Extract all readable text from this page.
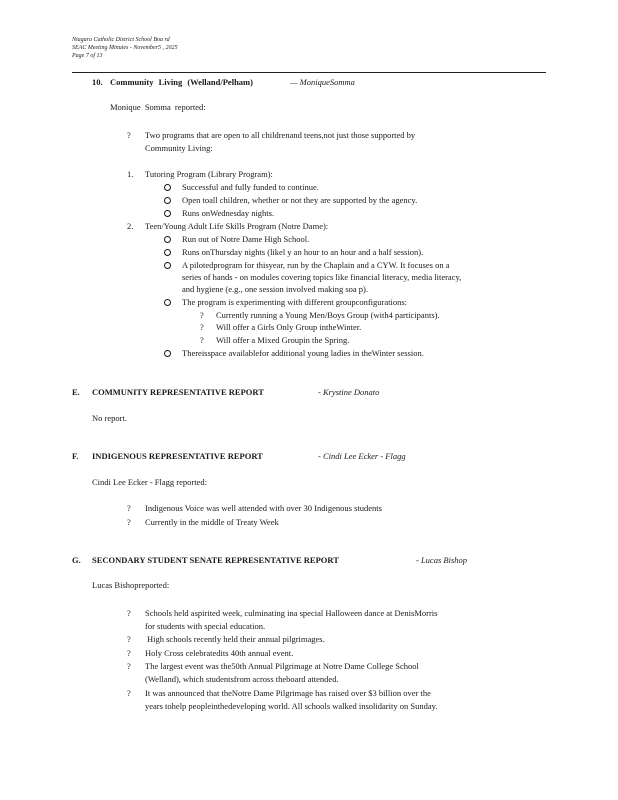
Niagara Catholic District School Boa rd
SEAC Meeting Minutes - November5 , 2025
Page 7 of 13
10. Community Living (Welland/Pelham)	— MoniqueSomma
Monique Somma reported:
? Two programs that are open to all childrenand teens,not just those supported by
Community Living:
1. Tutoring Program (Library Program):
Successful and fully funded to continue.
Open toall children, whether or not they are supported by the agency.
Runs onWednesday nights.
2. Teen/Young Adult Life Skills Program (Notre Dame):
Run out of Notre Dame High School.
Runs onThursday nights (likel y an hour to an hour and a half session).
A pilotedprogram for thisyear, run by the Chaplain and a CYW. It focuses on a
series of hands - on modules covering topics like financial literacy, media literacy,
and hygiene (e.g., one session involved making soa p).
The program is experimenting with different groupconfigurations:
? Currently running a Young Men/Boys Group (with4 participants).
? Will offer a Girls Only Group intheWinter.
? Will offer a Mixed Groupin the Spring.
Thereisspace availablefor additional young ladies in theWinter session.
E. COMMUNITY REPRESENTATIVE REPORT	- Krystine Donato
No report.
F. INDIGENOUS REPRESENTATIVE REPORT	- Cindi Lee Ecker - Flagg
Cindi Lee Ecker - Flagg reported:
? Indigenous Voice was well attended with over 30 Indigenous students
? Currently in the middle of Treaty Week
G. SECONDARY STUDENT SENATE REPRESENTATIVE REPORT	- Lucas Bishop
Lucas Bishopreported:
? Schools held aspirited week, culminating ina special Halloween dance at DenisMorris
for students with special education.
? High schools recently held their annual pilgrimages.
? Holy Cross celebratedits 40th annual event.
? The largest event was the50th Annual Pilgrimage at Notre Dame College School
(Welland), which studentsfrom across theboard attended.
? It was announced that theNotre Dame Pilgrimage has raised over $3 billion over the
years tohelp peopleinthedeveloping world. All schools walked insolidarity on Sunday.
